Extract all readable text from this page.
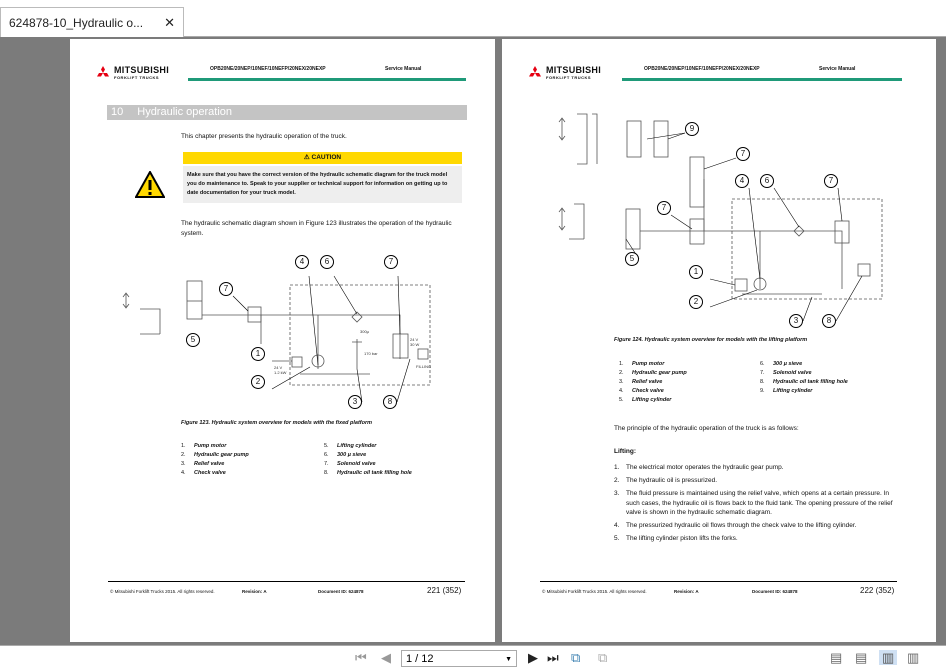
624878-10_Hydraulic o... ✕
MITSUBISHI
FORKLIFT TRUCKS
OPB20NE/20NEP/10NEF/10NEFP/20NEX/20NEXP	Service Manual
10 Hydraulic operation
This chapter presents the hydraulic operation of the truck.
⚠ CAUTION
Make sure that you have the correct version of the hydraulic schematic diagram for the truck model you do maintenance to. Speak to your supplier or technical support for information on getting up to date documentation for your truck model.
The hydraulic schematic diagram shown in Figure 123 illustrates the operation of the hydraulic system.
24 V
1.2 kW
300µ
170 bar
24 V
30 W
FILLING
1
2
3
4
5
6
7
7
8
Figure 123. Hydraulic system overview for models with the fixed platform
1. Pump motor
2. Hydraulic gear pump
3. Relief valve
4. Check valve
5. Lifting cylinder
6. 300 µ sieve
7. Solenoid valve
8. Hydraulic oil tank filling hole
© Mitsubishi Forklift Trucks 2015. All rights reserved.	Revision: A	Document ID: 624878	221 (352)
MITSUBISHI
FORKLIFT TRUCKS
OPB20NE/20NEP/10NEF/10NEFP/20NEX/20NEXP	Service Manual
9
7
4	6	7
7
5
1
2
3	8
Figure 124. Hydraulic system overview for models with the lifting platform
1. Pump motor
2. Hydraulic gear pump
3. Relief valve
4. Check valve
5. Lifting cylinder
6. 300 µ sieve
7. Solenoid valve
8. Hydraulic oil tank filling hole
9. Lifting cylinder
The principle of the hydraulic operation of the truck is as follows:
Lifting:
1. The electrical motor operates the hydraulic gear pump.
2. The hydraulic oil is pressurized.
3. The fluid pressure is maintained using the relief valve, which opens at a certain pressure. In such cases, the hydraulic oil is flows back to the fluid tank. The opening pressure of the relief valve is shown in the hydraulic schematic diagram.
4. The pressurized hydraulic oil flows through the check valve to the lifting cylinder.
5. The lifting cylinder piston lifts the forks.
© Mitsubishi Forklift Trucks 2015. All rights reserved.	Revision: A	Document ID: 624878	222 (352)
⏮ ◀	1 / 12	▼ ▶ ⏭ ⧉ ⧉	▤ ▤ ▥ ▥
